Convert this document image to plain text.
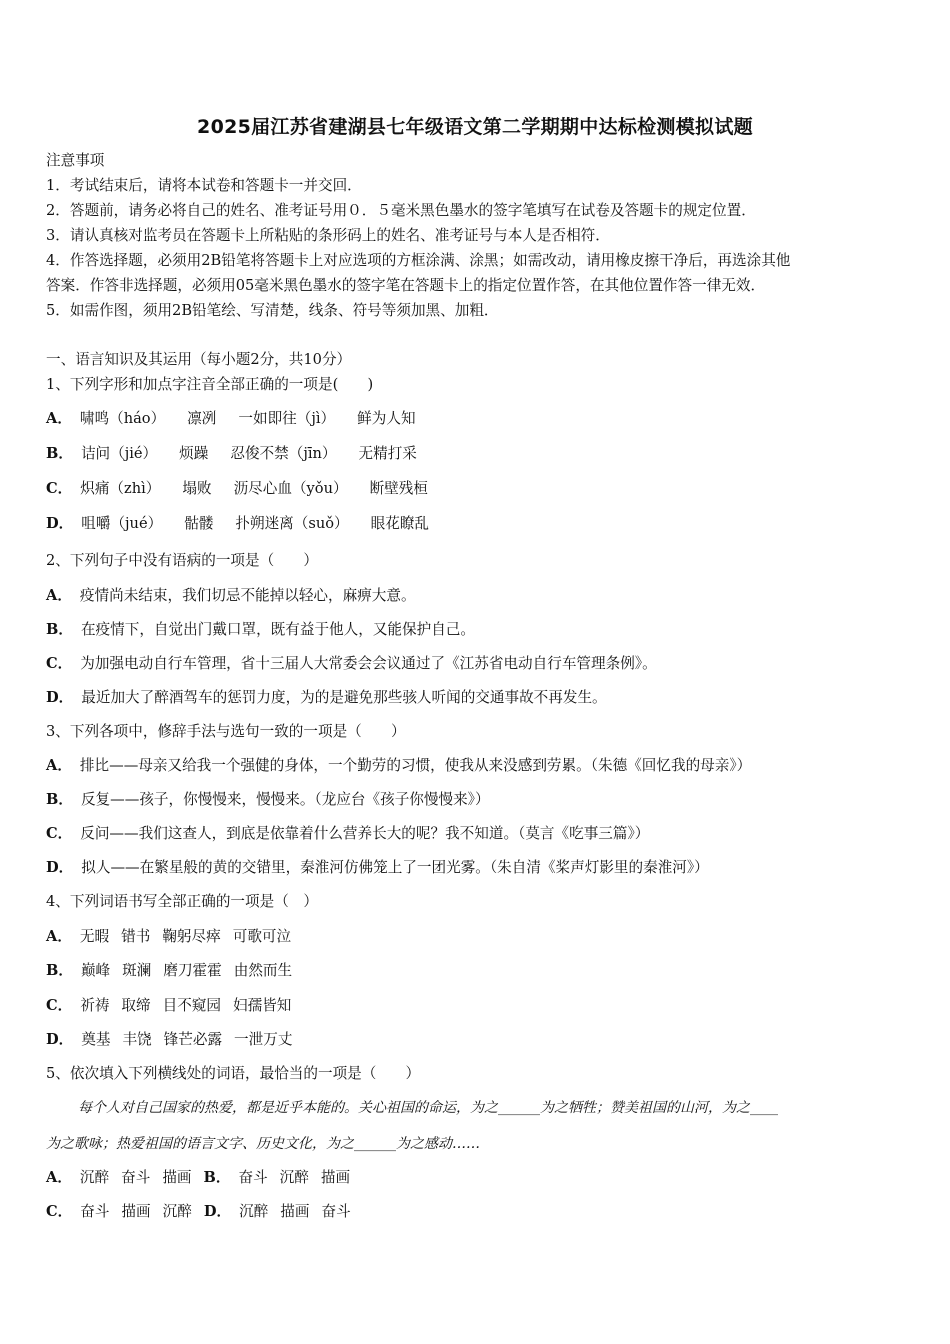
2025届江苏省建湖县七年级语文第二学期期中达标检测模拟试题
注意事项
1．考试结束后，请将本试卷和答题卡一并交回．
2．答题前，请务必将自己的姓名、准考证号用０．５毫米黑色墨水的签字笔填写在试卷及答题卡的规定位置．
3．请认真核对监考员在答题卡上所粘贴的条形码上的姓名、准考证号与本人是否相符．
4．作答选择题，必须用2B铅笔将答题卡上对应选项的方框涂满、涂黑；如需改动，请用橡皮擦干净后，再选涂其他
答案．作答非选择题，必须用05毫米黑色墨水的签字笔在答题卡上的指定位置作答，在其他位置作答一律无效．
5．如需作图，须用2B铅笔绘、写清楚，线条、符号等须加黑、加粗．
一、语言知识及其运用（每小题2分，共10分）
1、下列字形和加点字注音全部正确的一项是(　　)
A． 啸鸣（háo） 凛冽 一如即往（jì） 鲜为人知
B． 诘问（jié） 烦躁 忍俊不禁（jīn） 无精打采
C． 炽痛（zhì） 塌败 沥尽心血（yǒu） 断壁残桓
D． 咀嚼（jué） 骷髅 扑朔迷离（suǒ） 眼花瞭乱
2、下列句子中没有语病的一项是（　　）
A． 疫情尚未结束，我们切忌不能掉以轻心，麻痹大意。
B． 在疫情下，自觉出门戴口罩，既有益于他人，又能保护自己。
C． 为加强电动自行车管理，省十三届人大常委会会议通过了《江苏省电动自行车管理条例》。
D． 最近加大了醉酒驾车的惩罚力度，为的是避免那些骇人听闻的交通事故不再发生。
3、下列各项中，修辞手法与选句一致的一项是（　　）
A． 排比——母亲又给我一个强健的身体，一个勤劳的习惯，使我从来没感到劳累。（朱德《回忆我的母亲》）
B． 反复——孩子，你慢慢来，慢慢来。（龙应台《孩子你慢慢来》）
C． 反问——我们这查人，到底是依靠着什么营养长大的呢？我不知道。（莫言《吃事三篇》）
D． 拟人——在繁星般的黄的交错里，秦淮河仿佛笼上了一团光雾。（朱自清《桨声灯影里的秦淮河》）
4、下列词语书写全部正确的一项是（　）
A． 无暇 错书 鞠躬尽瘁 可歌可泣
B． 巅峰 斑澜 磨刀霍霍 由然而生
C． 祈祷 取缔 目不窥园 妇孺皆知
D． 奠基 丰饶 锋芒必露 一泄万丈
5、依次填入下列横线处的词语，最恰当的一项是（　　）
每个人对自己国家的热爱，都是近乎本能的。关心祖国的命运，为之______为之牺牲；赞美祖国的山河，为之____
为之歌咏；热爱祖国的语言文字、历史文化，为之______为之感动……
A． 沉醉 奋斗 描画 B． 奋斗 沉醉 描画
C． 奋斗 描画 沉醉 D． 沉醉 描画 奋斗
